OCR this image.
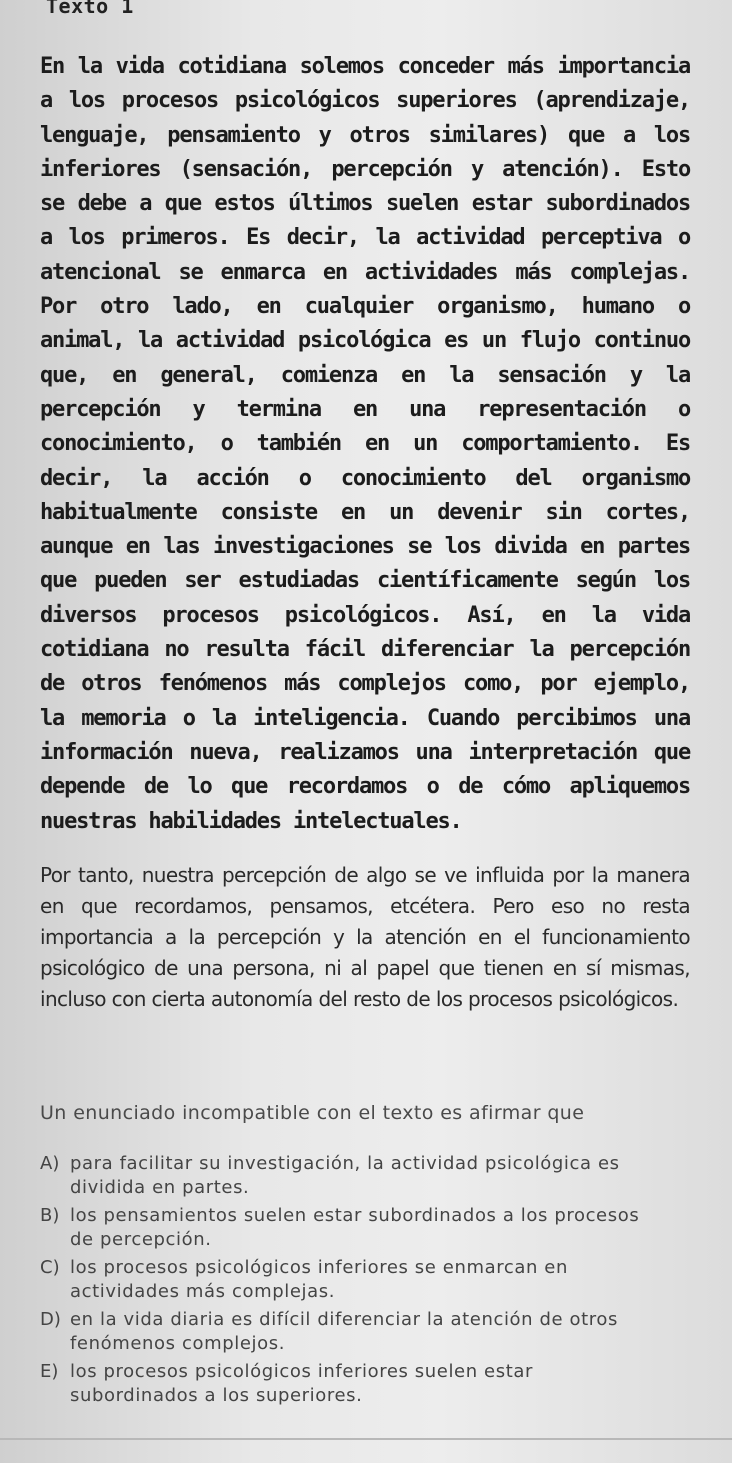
Texto 1

En la vida cotidiana solemos conceder más importancia a los procesos psicológicos superiores (aprendizaje, lenguaje, pensamiento y otros similares) que a los inferiores (sensación, percepción y atención). Esto se debe a que estos últimos suelen estar subordinados a los primeros. Es decir, la actividad perceptiva o atencional se enmarca en actividades más complejas. Por otro lado, en cualquier organismo, humano o animal, la actividad psicológica es un flujo continuo que, en general, comienza en la sensación y la percepción y termina en una representación o conocimiento, o también en un comportamiento. Es decir, la acción o conocimiento del organismo habitualmente consiste en un devenir sin cortes, aunque en las investigaciones se los divida en partes que pueden ser estudiadas científicamente según los diversos procesos psicológicos. Así, en la vida cotidiana no resulta fácil diferenciar la percepción de otros fenómenos más complejos como, por ejemplo, la memoria o la inteligencia. Cuando percibimos una información nueva, realizamos una interpretación que depende de lo que recordamos o de cómo apliquemos nuestras habilidades intelectuales.

Por tanto, nuestra percepción de algo se ve influida por la manera en que recordamos, pensamos, etcétera. Pero eso no resta importancia a la percepción y la atención en el funcionamiento psicológico de una persona, ni al papel que tienen en sí mismas, incluso con cierta autonomía del resto de los procesos psicológicos.

Un enunciado incompatible con el texto es afirmar que
A) para facilitar su investigación, la actividad psicológica es dividida en partes.
B) los pensamientos suelen estar subordinados a los procesos de percepción.
C) los procesos psicológicos inferiores se enmarcan en actividades más complejas.
D) en la vida diaria es difícil diferenciar la atención de otros fenómenos complejos.
E) los procesos psicológicos inferiores suelen estar subordinados a los superiores.
